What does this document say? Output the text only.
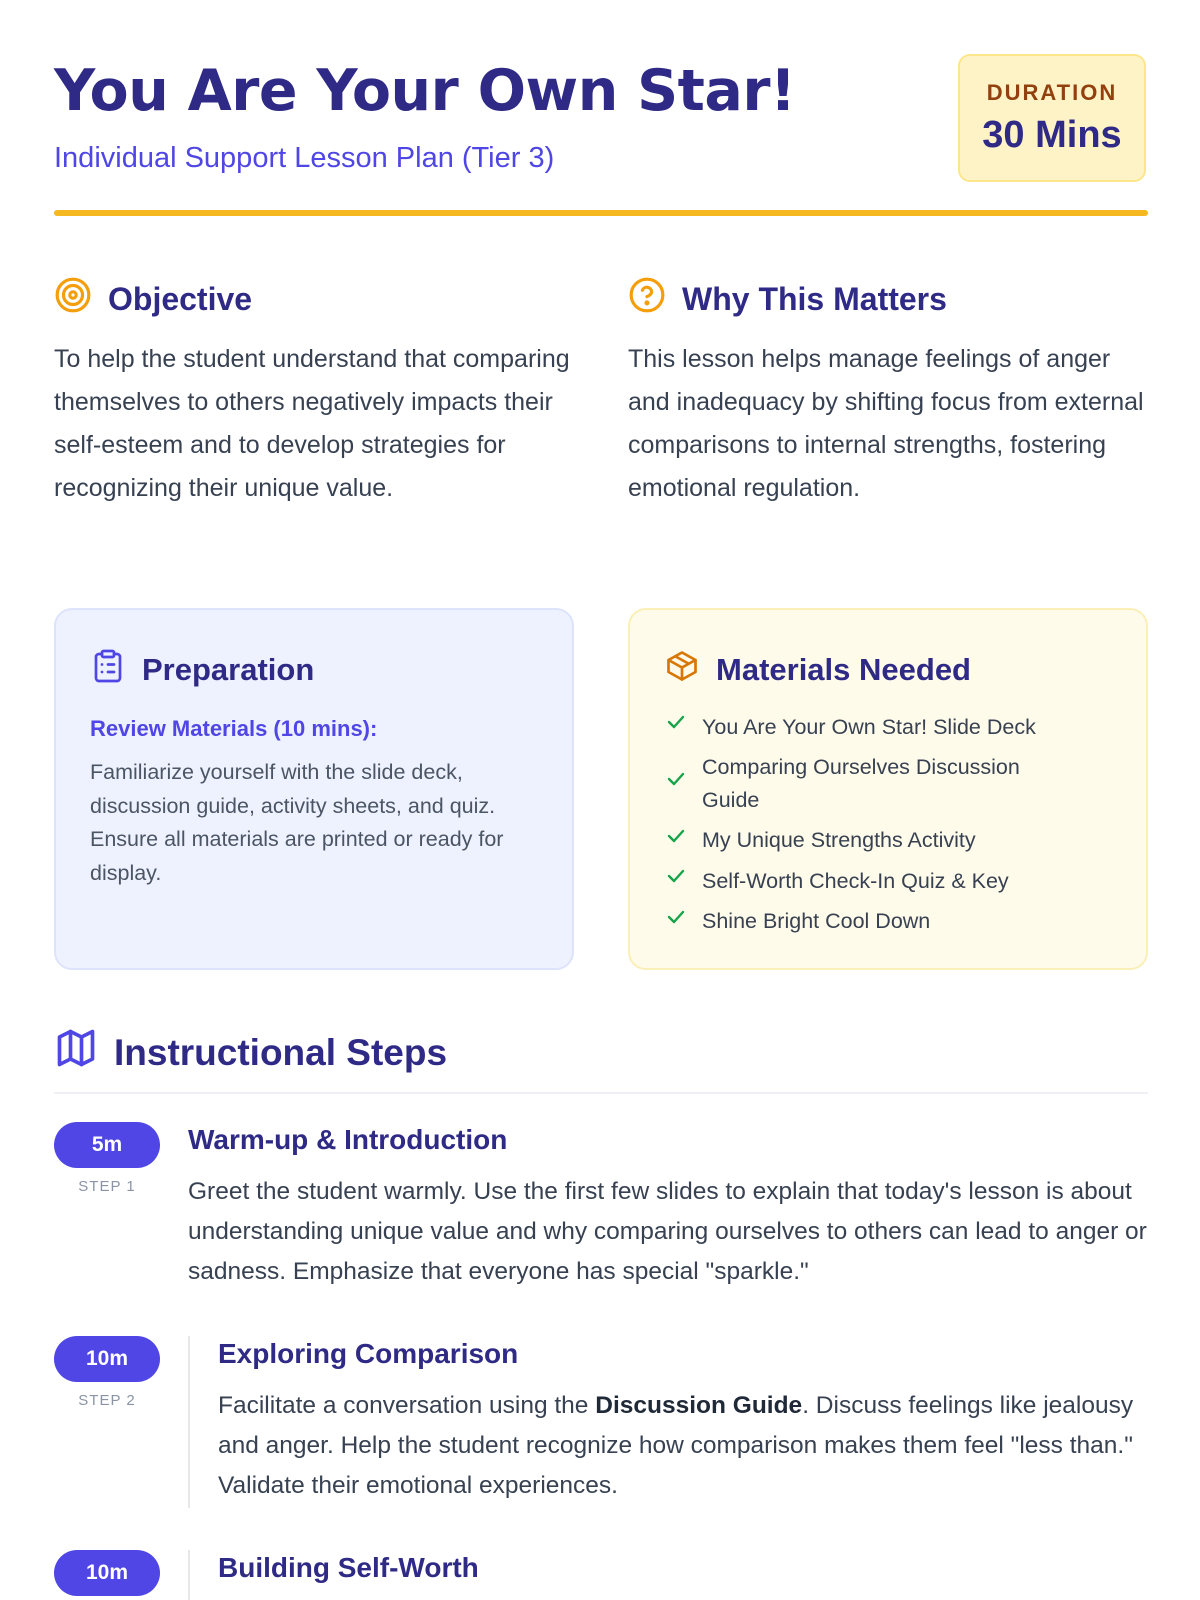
You Are Your Own Star!
Individual Support Lesson Plan (Tier 3)
DURATION
30 Mins
Objective

To help the student understand that comparing themselves to others negatively impacts their self-esteem and to develop strategies for recognizing their unique value.

Why This Matters

This lesson helps manage feelings of anger and inadequacy by shifting focus from external comparisons to internal strengths, fostering emotional regulation.

Preparation
Review Materials (10 mins):

Familiarize yourself with the slide deck, discussion guide, activity sheets, and quiz. Ensure all materials are printed or ready for display.

Materials Needed
You Are Your Own Star! Slide Deck
Comparing Ourselves Discussion Guide
My Unique Strengths Activity
Self-Worth Check-In Quiz & Key
Shine Bright Cool Down
Instructional Steps
5m
STEP 1
Warm-up & Introduction

Greet the student warmly. Use the first few slides to explain that today's lesson is about understanding unique value and why comparing ourselves to others can lead to anger or sadness. Emphasize that everyone has special "sparkle."

10m
STEP 2
Exploring Comparison

Facilitate a conversation using the Discussion Guide. Discuss feelings like jealousy and anger. Help the student recognize how comparison makes them feel "less than." Validate their emotional experiences.

10m	Building Self-Worth
